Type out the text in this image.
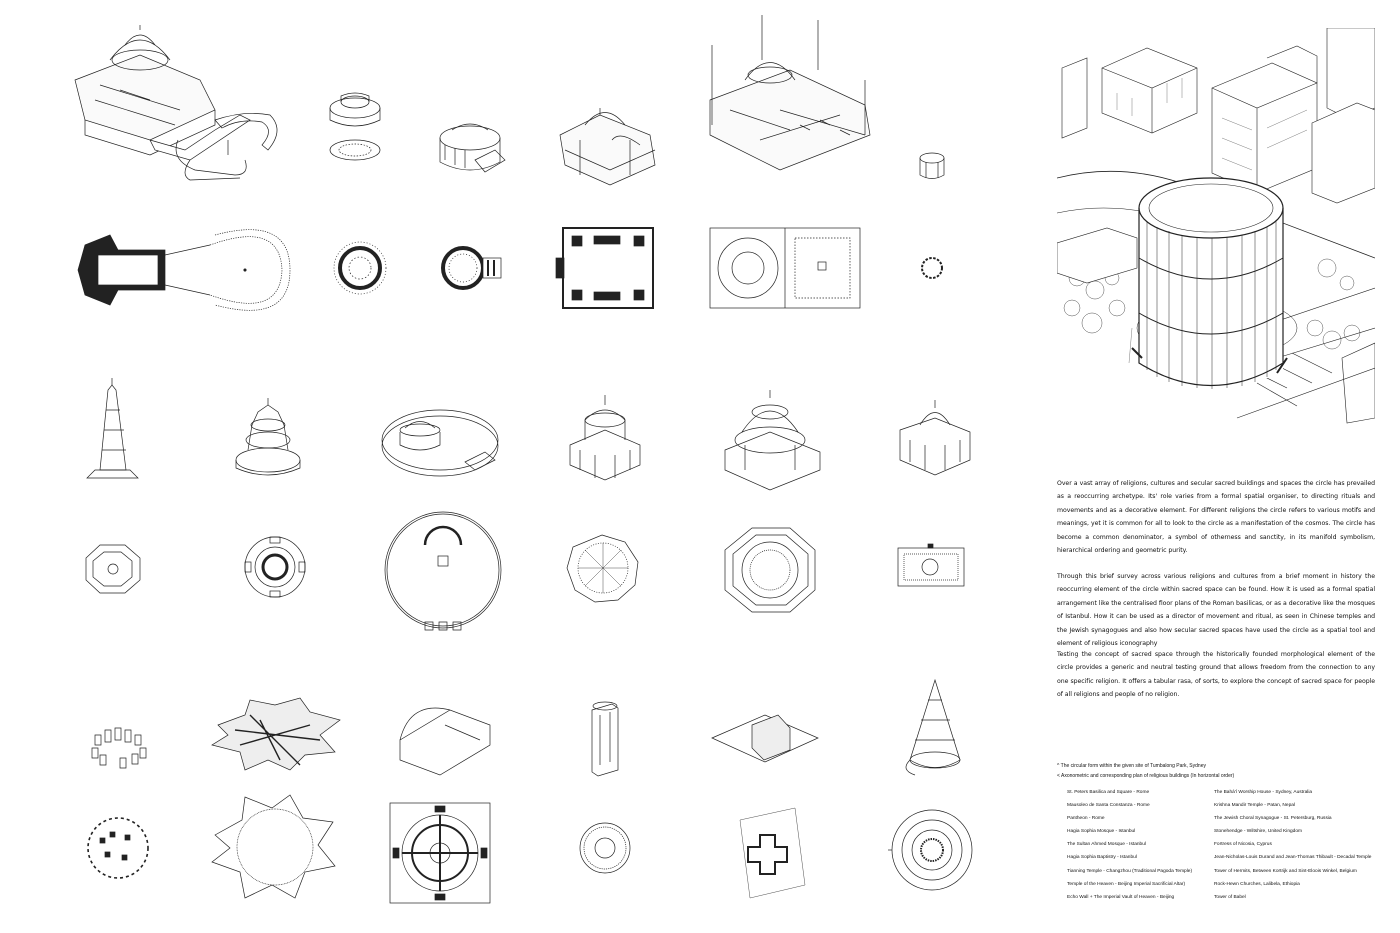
Over a vast array of religions, cultures and secular sacred buildings and spaces the circle has prevailed as a reoccurring archetype. Its' role varies from a formal spatial organiser, to directing rituals and movements and as a decorative element. For different religions the circle refers to various motifs and meanings, yet it is common for all to look to the circle as a manifestation of the cosmos. The circle has become a common denominator, a symbol of otherness and sanctity, in its manifold symbolism, hierarchical ordering and geometric purity.

Through this brief survey across various religions and cultures from a brief moment in history the reoccurring element of the circle within sacred space can be found. How it is used as a formal spatial arrangement like the centralised floor plans of the Roman basilicas, or as a decorative like the mosques of Istanbul. How it can be used as a director of movement and ritual, as seen in Chinese temples and the Jewish synagogues and also how secular sacred spaces have used the circle as a spatial tool and element of religious iconography

Testing the concept of sacred space through the historically founded morphological element of the circle provides a generic and neutral testing ground that allows freedom from the connection to any one specific religion. It offers a tabular rasa, of sorts, to explore the concept of sacred space for people of all religions and people of no religion.

^ The circular form within the given site of Tumbalong Park, Sydney

< Axonometric and corresponding plan of religious buildings (In horizontal order)

St. Peters Basilica and Square - Rome
Mausoleo de Santa Constanza - Rome
Pantheon - Rome
Hagia Sophia Mosque - Istanbul
The Sultan Ahmed Mosque - Istanbul
Hagia Sophia Baptistry - Istanbul
Tianning Temple - Changzhou (Traditional Pagoda Temple)
Temple of the Heaven - Beijing Imperial Sacrificial Altar)
Echo Wall + The Imperial Vault of Heaven - Beijing
The Bahá'í Worship House - Sydney, Australia
Krishna Mandir Temple - Patan, Nepal
The Jewish Choral Synagogue - St. Petersburg, Russia
Stonehendge - Wiltshire, United Kingdom
Fortress of Nicosia, Cyprus
Jean-Nicholas-Louis Durand and Jean-Thomas Thibault - Decadal Temple
Tower of Hermits, Between Kortrijk and Sint-Eloois Winkel, Belgium
Rock-Hewn Churches, Lalibela, Ethiopia
Tower of Babel
